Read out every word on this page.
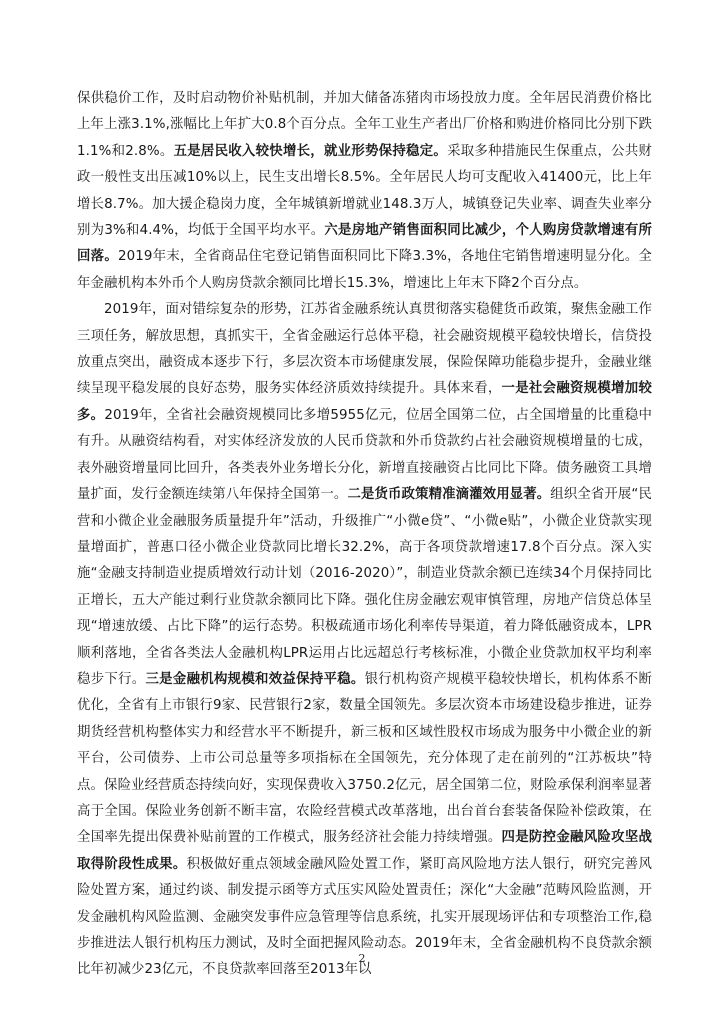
保供稳价工作，及时启动物价补贴机制，并加大储备冻猪肉市场投放力度。全年居民消费价格比上年上涨3.1%,涨幅比上年扩大0.8个百分点。全年工业生产者出厂价格和购进价格同比分别下跌1.1%和2.8%。五是居民收入较快增长，就业形势保持稳定。采取多种措施民生保重点，公共财政一般性支出压减10%以上，民生支出增长8.5%。全年居民人均可支配收入41400元，比上年增长8.7%。加大援企稳岗力度，全年城镇新增就业148.3万人，城镇登记失业率、调查失业率分别为3%和4.4%，均低于全国平均水平。六是房地产销售面积同比减少，个人购房贷款增速有所回落。2019年末，全省商品住宅登记销售面积同比下降3.3%，各地住宅销售增速明显分化。全年金融机构本外币个人购房贷款余额同比增长15.3%，增速比上年末下降2个百分点。

2019年，面对错综复杂的形势，江苏省金融系统认真贯彻落实稳健货币政策，聚焦金融工作三项任务，解放思想，真抓实干，全省金融运行总体平稳，社会融资规模平稳较快增长，信贷投放重点突出，融资成本逐步下行，多层次资本市场健康发展，保险保障功能稳步提升，金融业继续呈现平稳发展的良好态势，服务实体经济质效持续提升。具体来看，一是社会融资规模增加较多。2019年，全省社会融资规模同比多增5955亿元，位居全国第二位，占全国增量的比重稳中有升。从融资结构看，对实体经济发放的人民币贷款和外币贷款约占社会融资规模增量的七成，表外融资增量同比回升，各类表外业务增长分化，新增直接融资占比同比下降。债务融资工具增量扩面，发行金额连续第八年保持全国第一。二是货币政策精准滴灌效用显著。组织全省开展“民营和小微企业金融服务质量提升年”活动，升级推广“小微e贷”、“小微e贴”，小微企业贷款实现量增面扩，普惠口径小微企业贷款同比增长32.2%，高于各项贷款增速17.8个百分点。深入实施“金融支持制造业提质增效行动计划（2016-2020）”，制造业贷款余额已连续34个月保持同比正增长，五大产能过剩行业贷款余额同比下降。强化住房金融宏观审慎管理，房地产信贷总体呈现“增速放缓、占比下降”的运行态势。积极疏通市场化利率传导渠道，着力降低融资成本，LPR顺利落地，全省各类法人金融机构LPR运用占比远超总行考核标准，小微企业贷款加权平均利率稳步下行。三是金融机构规模和效益保持平稳。银行机构资产规模平稳较快增长，机构体系不断优化，全省有上市银行9家、民营银行2家，数量全国领先。多层次资本市场建设稳步推进，证券期货经营机构整体实力和经营水平不断提升，新三板和区域性股权市场成为服务中小微企业的新平台，公司债券、上市公司总量等多项指标在全国领先，充分体现了走在前列的“江苏板块”特点。保险业经营质态持续向好，实现保费收入3750.2亿元，居全国第二位，财险承保利润率显著高于全国。保险业务创新不断丰富，农险经营模式改革落地，出台首台套装备保险补偿政策，在全国率先提出保费补贴前置的工作模式，服务经济社会能力持续增强。四是防控金融风险攻坚战取得阶段性成果。积极做好重点领域金融风险处置工作，紧盯高风险地方法人银行，研究完善风险处置方案，通过约谈、制发提示函等方式压实风险处置责任；深化“大金融”范畴风险监测，开发金融机构风险监测、金融突发事件应急管理等信息系统，扎实开展现场评估和专项整治工作,稳步推进法人银行机构压力测试，及时全面把握风险动态。2019年末，全省金融机构不良贷款余额比年初减少23亿元，不良贷款率回落至2013年以

2
